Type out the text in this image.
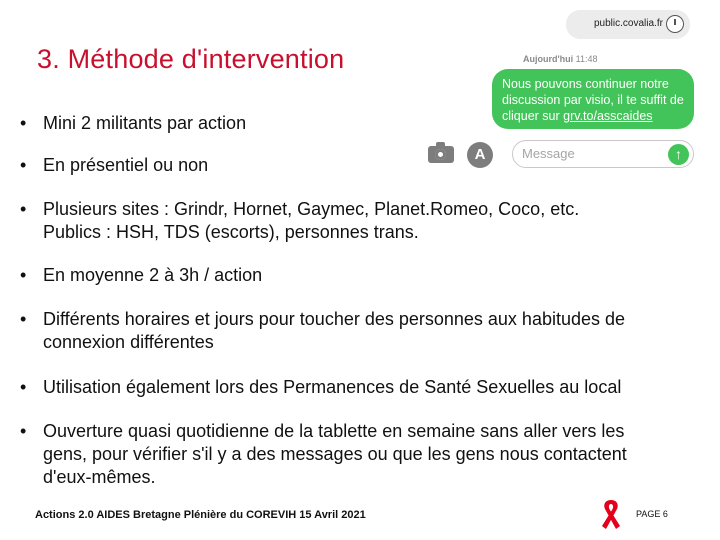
3. Méthode d'intervention
public.covalia.fr
Aujourd'hui 11:48
Nous pouvons continuer notre discussion par visio, il te suffit de cliquer sur grv.to/asscaides
A	Message	↑
• Mini 2 militants par action
• En présentiel ou non
• Plusieurs sites : Grindr, Hornet, Gaymec, Planet.Romeo, Coco, etc.
Publics : HSH, TDS (escorts), personnes trans.
• En moyenne 2 à 3h / action
• Différents horaires et jours pour toucher des personnes aux habitudes de
connexion différentes
• Utilisation également lors des Permanences de Santé Sexuelles au local
• Ouverture quasi quotidienne de la tablette en semaine sans aller vers les
gens, pour vérifier s'il y a des messages ou que les gens nous contactent
d'eux-mêmes.
Actions 2.0 AIDES Bretagne Plénière du COREVIH 15 Avril 2021	PAGE 6
